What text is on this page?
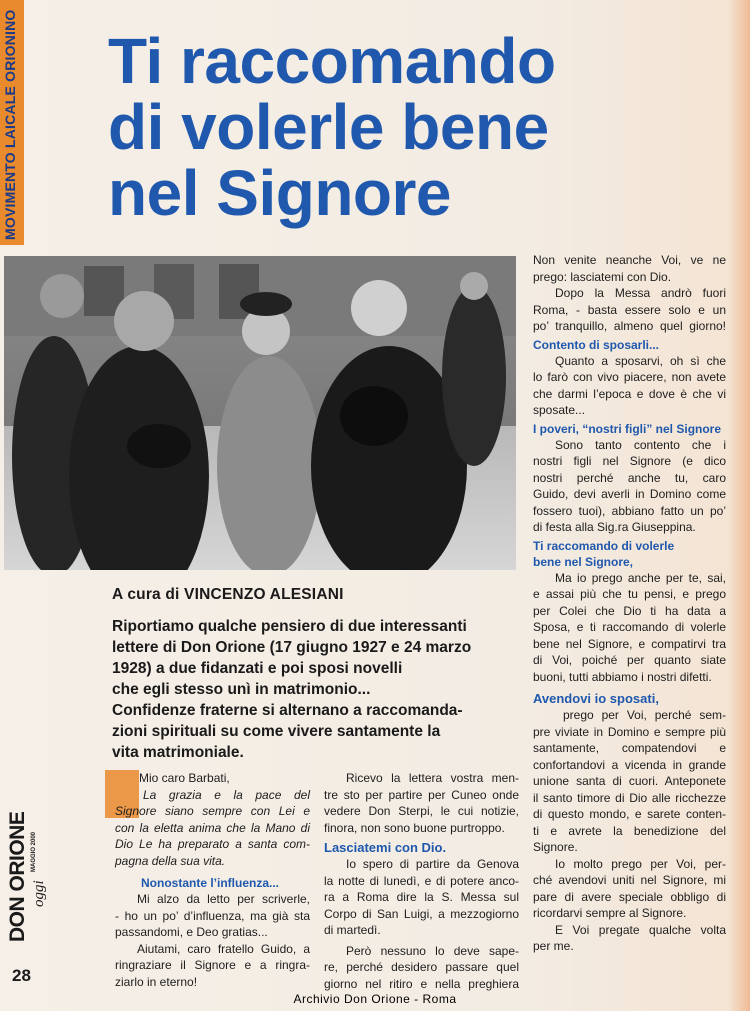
MOVIMENTO LAICALE ORIONINO Ti raccomando
di volerle bene
nel Signore
A cura di VINCENZO ALESIANI

Riportiamo qualche pensiero di due interessanti

lettere di Don Orione (17 giugno 1927 e 24 marzo

1928) a due fidanzati e poi sposi novelli

che egli stesso unì in matrimonio...

Confidenze fraterne si alternano a raccomanda-

zioni spirituali su come vivere santamente la

vita matrimoniale.

Mio caro Barbati,
La grazia e la pace del
Signore siano sempre con Lei e
con la eletta anima che la Mano di
Dio Le ha preparato a santa com-
pagna della sua vita.
Nonostante l’influenza...
Mi alzo da letto per scriverle,
- ho un po’ d’influenza, ma già sta
passandomi, e Deo gratias...
Aiutami, caro fratello Guido, a
ringraziare il Signore e a ringra-
ziarlo in eterno!
Ricevo la lettera vostra men-
tre sto per partire per Cuneo onde
vedere Don Sterpi, le cui notizie,
finora, non sono buone purtroppo.
Lasciatemi con Dio.
Io spero di partire da Genova
la notte di lunedì, e di potere anco-
ra a Roma dire la S. Messa sul
Corpo di San Luigi, a mezzogiorno
di martedì.
Però nessuno lo deve sape-
re, perché desidero passare quel
giorno nel ritiro e nella preghiera
Non venite neanche Voi, ve ne
prego: lasciatemi con Dio.
Dopo la Messa andrò fuori
Roma, - basta essere solo e un
po’ tranquillo, almeno quel giorno!
Contento di sposarli...
Quanto a sposarvi, oh sì che
lo farò con vivo piacere, non avete
che darmi l’epoca e dove è che vi
sposate...
I poveri, “nostri figli” nel Signore
Sono tanto contento che i
nostri figli nel Signore (e dico
nostri perché anche tu, caro
Guido, devi averli in Domino come
fossero tuoi), abbiano fatto un po’
di festa alla Sig.ra Giuseppina.
Ti raccomando di volerle
bene nel Signore,
Ma io prego anche per te, sai,
e assai più che tu pensi, e prego
per Colei che Dio ti ha data a
Sposa, e ti raccomando di volerle
bene nel Signore, e compatirvi tra
di Voi, poiché per quanto siate
buoni, tutti abbiamo i nostri difetti.
Avendovi io sposati,
prego per Voi, perché sem-
pre viviate in Domino e sempre più
santamente, compatendovi e
confortandovi a vicenda in grande
unione santa di cuori. Anteponete
il santo timore di Dio alle ricchezze
di questo mondo, e sarete conten-
ti e avrete la benedizione del
Signore.
Io molto prego per Voi, per-
ché avendovi uniti nel Signore, mi
pare di avere speciale obbligo di
ricordarvi sempre al Signore.
E Voi pregate qualche volta
per me.
DON ORIONE oggi
MAGGIO 2000
28
Archivio Don Orione - Roma
